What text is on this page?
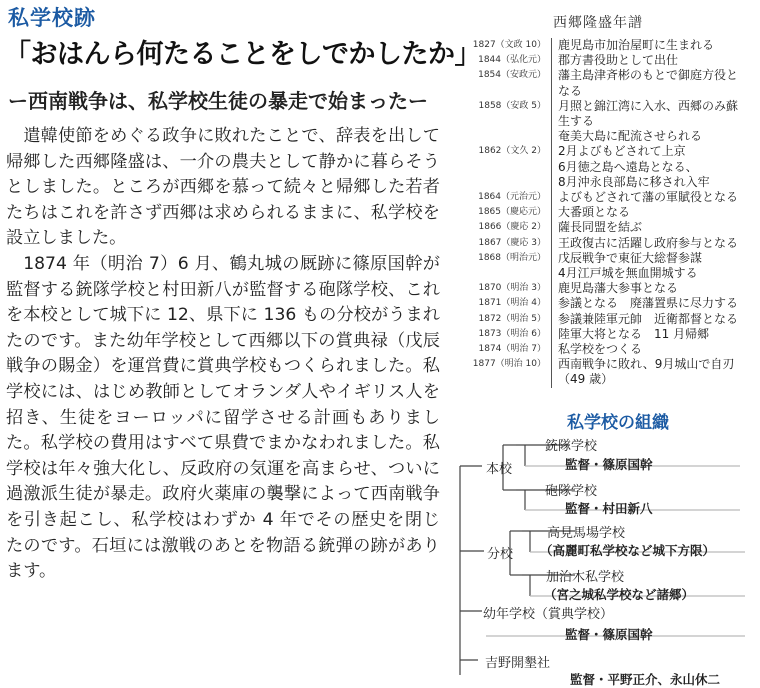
私学校跡
「おはんら何たることをしでかしたか」
ー西南戦争は、私学校生徒の暴走で始まったー

遣韓使節をめぐる政争に敗れたことで、辞表を出して帰郷した西郷隆盛は、一介の農夫として静かに暮らそうとしました。ところが西郷を慕って続々と帰郷した若者たちはこれを許さず西郷は求められるままに、私学校を設立しました。

1874 年（明治 7）6 月、鶴丸城の厩跡に篠原国幹が監督する銃隊学校と村田新八が監督する砲隊学校、これを本校として城下に 12、県下に 136 もの分校がうまれたのです。また幼年学校として西郷以下の賞典禄（戊辰戦争の賜金）を運営費に賞典学校もつくられました。私学校には、はじめ教師としてオランダ人やイギリス人を招き、生徒をヨーロッパに留学させる計画もありました。私学校の費用はすべて県費でまかなわれました。私学校は年々強大化し、反政府の気運を高まらせ、ついに過激派生徒が暴走。政府火薬庫の襲撃によって西南戦争を引き起こし、私学校はわずか 4 年でその歴史を閉じたのです。石垣には激戦のあとを物語る銃弾の跡があります。

西郷隆盛年譜
1827（文政 10）	鹿児島市加治屋町に生まれる
1844（弘化元）	郡方書役助として出仕
1854（安政元）	藩主島津斉彬のもとで御庭方役と
なる
1858（安政 5）	月照と錦江湾に入水、西郷のみ蘇
生する
奄美大島に配流させられる
1862（文久 2）	2月よびもどされて上京
6月徳之島へ遠島となる、
8月沖永良部島に移され入牢
1864（元治元）	よびもどされて藩の軍賦役となる
1865（慶応元）	大番頭となる
1866（慶応 2）	薩長同盟を結ぶ
1867（慶応 3）	王政復古に活躍し政府参与となる
1868（明治元）	戊辰戦争で東征大総督参謀
4月江戸城を無血開城する
1870（明治 3）	鹿児島藩大参事となる
1871（明治 4）	参議となる　廃藩置県に尽力する
1872（明治 5）	参議兼陸軍元帥　近衛都督となる
1873（明治 6）	陸軍大将となる　11 月帰郷
1874（明治 7）	私学校をつくる
1877（明治 10）	西南戦争に敗れ、9月城山で自刃
（49 歳）
私学校の組織
本校
分校
銃隊学校
監督・篠原国幹
砲隊学校
監督・村田新八
高見馬場学校
（高麗町私学校など城下方限）
加治木私学校
（宮之城私学校など諸郷）
幼年学校（賞典学校）
監督・篠原国幹
吉野開墾社
監督・平野正介、永山休二
